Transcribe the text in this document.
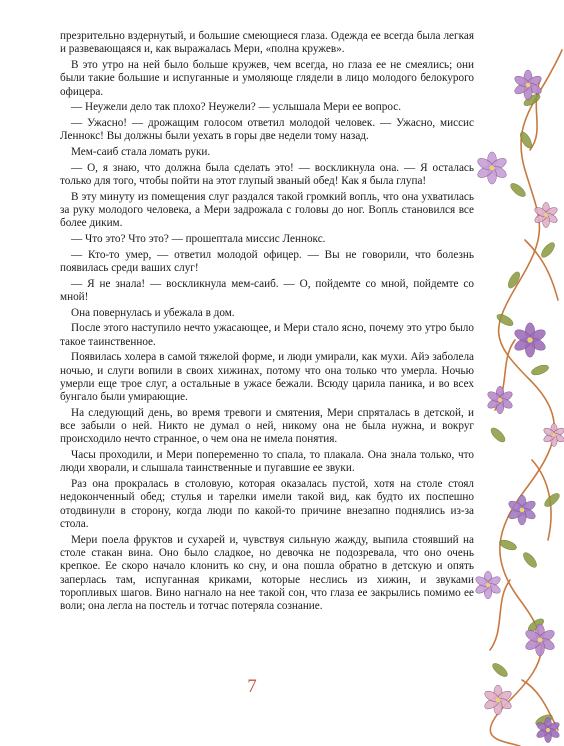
презрительно вздернутый, и большие смеющиеся глаза. Одежда ее всегда была легкая и развевающаяся и, как выражалась Мери, «полна кружев».

В это утро на ней было больше кружев, чем всегда, но глаза ее не смеялись; они были такие большие и испуганные и умоляюще глядели в лицо молодого белокурого офицера.

— Неужели дело так плохо? Неужели? — услышала Мери ее вопрос.

— Ужасно! — дрожащим голосом ответил молодой человек. — Ужасно, миссис Леннокс! Вы должны были уехать в горы две недели тому назад.

Мем-саиб стала ломать руки.

— О, я знаю, что должна была сделать это! — воскликнула она. — Я осталась только для того, чтобы пойти на этот глупый званый обед! Как я была глупа!

В эту минуту из помещения слуг раздался такой громкий вопль, что она ухватилась за руку молодого человека, а Мери задрожала с головы до ног. Вопль становился все более диким.

— Что это? Что это? — прошептала миссис Леннокс.

— Кто-то умер, — ответил молодой офицер. — Вы не говорили, что болезнь появилась среди ваших слуг!

— Я не знала! — воскликнула мем-саиб. — О, пойдемте со мной, пойдемте со мной!

Она повернулась и убежала в дом.

После этого наступило нечто ужасающее, и Мери стало ясно, почему это утро было такое таинственное.

Появилась холера в самой тяжелой форме, и люди умирали, как мухи. Айэ заболела ночью, и слуги вопили в своих хижинах, потому что она только что умерла. Ночью умерли еще трое слуг, а остальные в ужасе бежали. Всюду царила паника, и во всех бунгало были умирающие.

На следующий день, во время тревоги и смятения, Мери спряталась в детской, и все забыли о ней. Никто не думал о ней, никому она не была нужна, и вокруг происходило нечто странное, о чем она не имела понятия.

Часы проходили, и Мери попеременно то спала, то плакала. Она знала только, что люди хворали, и слышала таинственные и пугавшие ее звуки.

Раз она прокралась в столовую, которая оказалась пустой, хотя на столе стоял недоконченный обед; стулья и тарелки имели такой вид, как будто их поспешно отодвинули в сторону, когда люди по какой-то причине внезапно поднялись из-за стола.

Мери поела фруктов и сухарей и, чувствуя сильную жажду, выпила стоявший на столе стакан вина. Оно было сладкое, но девочка не подозревала, что оно очень крепкое. Ее скоро начало клонить ко сну, и она пошла обратно в детскую и опять заперлась там, испуганная криками, которые неслись из хижин, и звуками торопливых шагов. Вино нагнало на нее такой сон, что глаза ее закрылись помимо ее воли; она легла на постель и тотчас потеряла сознание.

7
